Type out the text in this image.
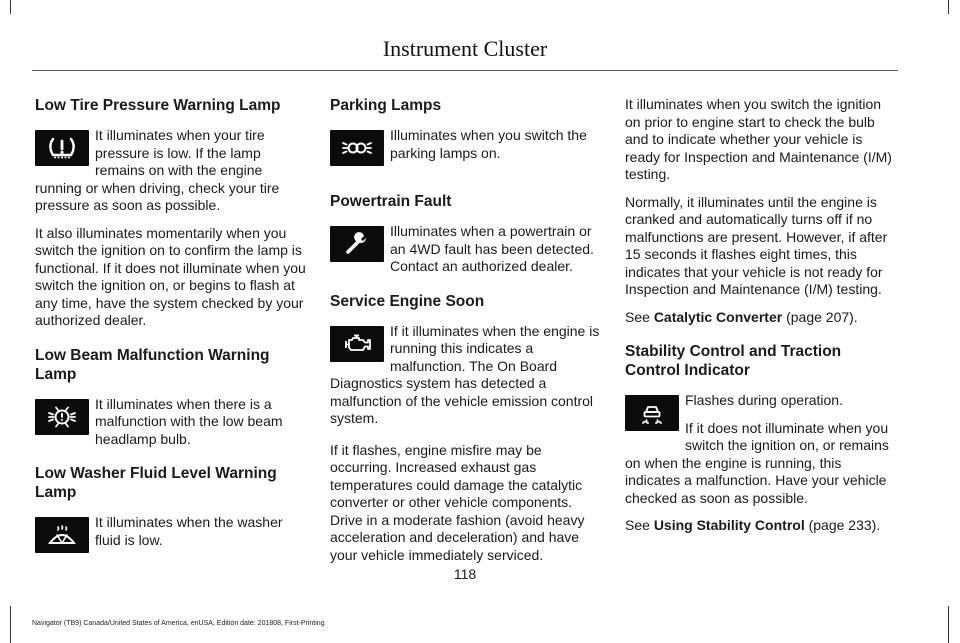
Instrument Cluster
Low Tire Pressure Warning Lamp

It illuminates when your tire pressure is low. If the lamp remains on with the engine running or when driving, check your tire pressure as soon as possible.

It also illuminates momentarily when you switch the ignition on to confirm the lamp is functional. If it does not illuminate when you switch the ignition on, or begins to flash at any time, have the system checked by your authorized dealer.

Low Beam Malfunction Warning Lamp

It illuminates when there is a malfunction with the low beam headlamp bulb.

Low Washer Fluid Level Warning Lamp

It illuminates when the washer fluid is low.

Parking Lamps

Illuminates when you switch the parking lamps on.

Powertrain Fault

Illuminates when a powertrain or an 4WD fault has been detected. Contact an authorized dealer.

Service Engine Soon

If it illuminates when the engine is running this indicates a malfunction. The On Board Diagnostics system has detected a malfunction of the vehicle emission control system.

If it flashes, engine misfire may be occurring. Increased exhaust gas temperatures could damage the catalytic converter or other vehicle components. Drive in a moderate fashion (avoid heavy acceleration and deceleration) and have your vehicle immediately serviced.

It illuminates when you switch the ignition on prior to engine start to check the bulb and to indicate whether your vehicle is ready for Inspection and Maintenance (I/M) testing.

Normally, it illuminates until the engine is cranked and automatically turns off if no malfunctions are present. However, if after 15 seconds it flashes eight times, this indicates that your vehicle is not ready for Inspection and Maintenance (I/M) testing.

See Catalytic Converter (page 207).

Stability Control and Traction Control Indicator

Flashes during operation.

If it does not illuminate when you switch the ignition on, or remains on when the engine is running, this indicates a malfunction. Have your vehicle checked as soon as possible.

See Using Stability Control (page 233).

118
Navigator (TB9) Canada/United States of America, enUSA, Edition date: 201808, First-Printing
